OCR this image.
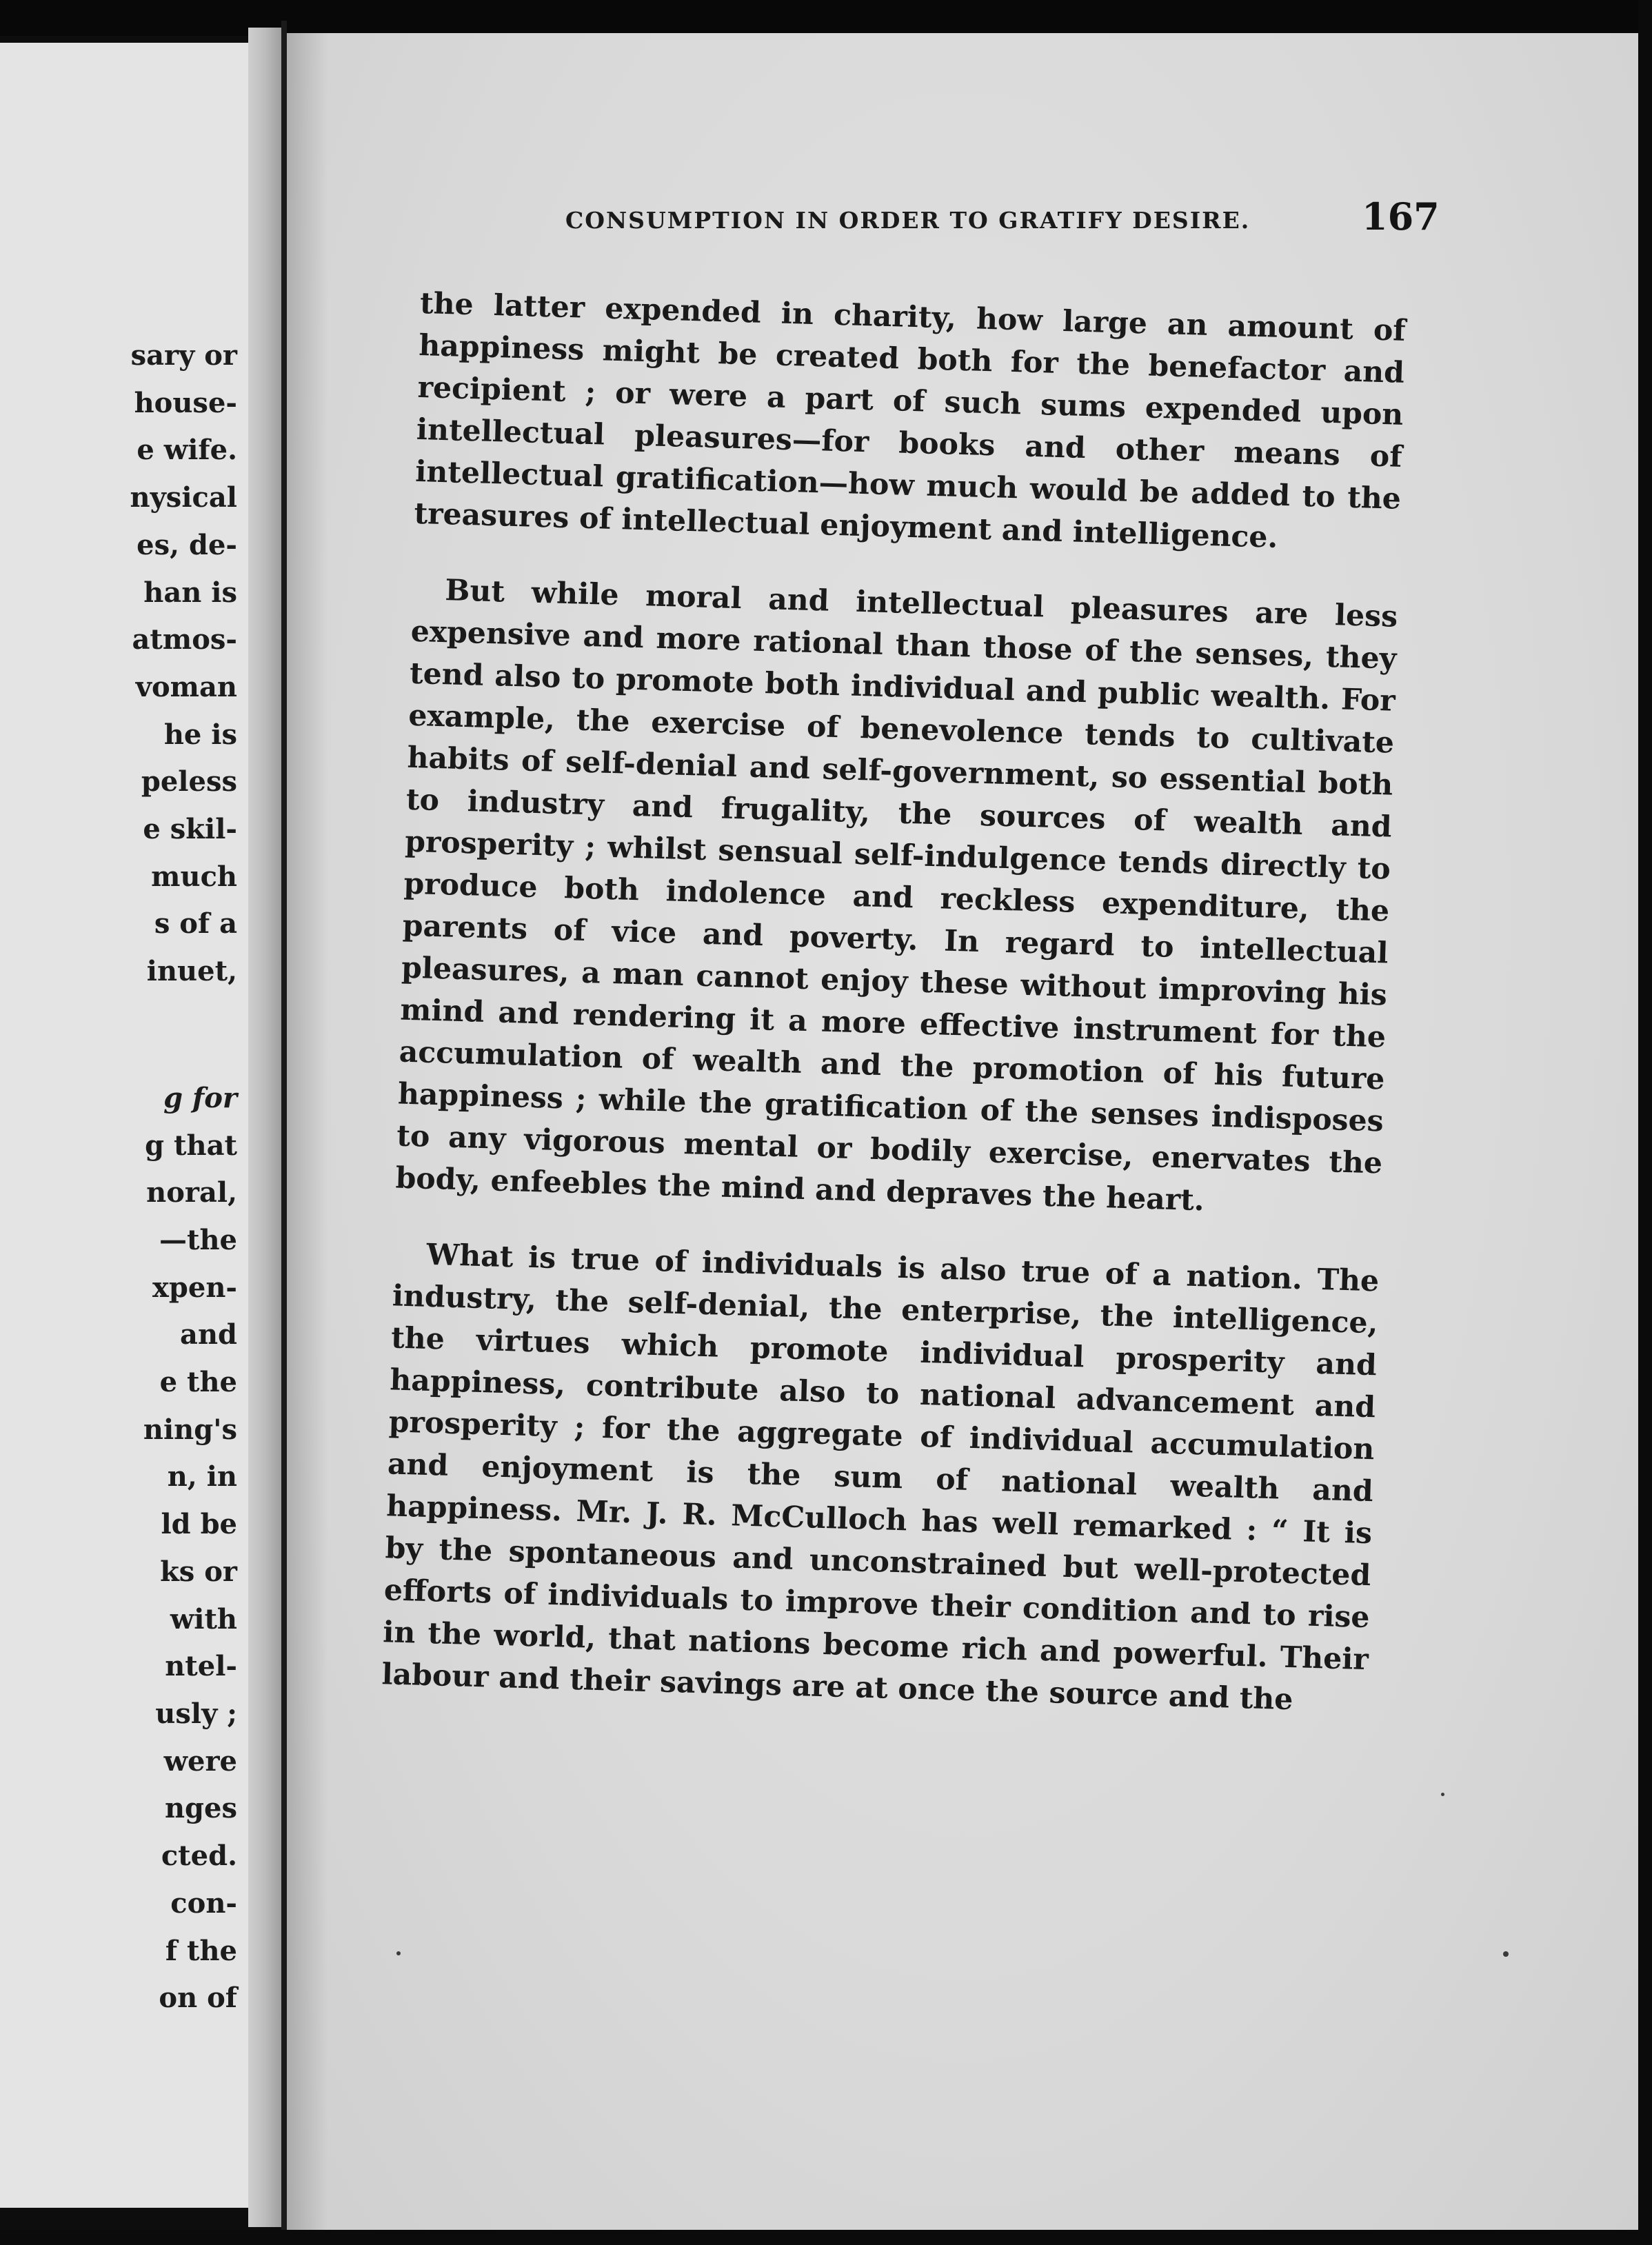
sary or
house-
e wife.
nysical
es, de-
han is
atmos-
voman
he is
peless
e skil-
much
s of a
inuet,
g for
g that
noral,
—the
xpen-
and
e the
ning's
n, in
ld be
ks or
with
ntel-
usly ;
were
nges
cted.
con-
f the
on of
CONSUMPTION IN ORDER TO GRATIFY DESIRE.	167

the latter expended in charity, how large an amount of happiness might be created both for the benefactor and recipient ; or were a part of such sums expended upon intellectual pleasures—for books and other means of intellectual gratification—how much would be added to the treasures of intellectual enjoyment and intelligence.

But while moral and intellectual pleasures are less expensive and more rational than those of the senses, they tend also to promote both individual and public wealth. For example, the exercise of benevolence tends to cultivate habits of self-denial and self-government, so essential both to industry and frugality, the sources of wealth and prosperity ; whilst sensual self-indulgence tends directly to produce both indolence and reckless expenditure, the parents of vice and poverty. In regard to intellectual pleasures, a man cannot enjoy these without improving his mind and rendering it a more effective instrument for the accumulation of wealth and the promotion of his future happiness ; while the gratification of the senses indisposes to any vigorous mental or bodily exercise, enervates the body, enfeebles the mind and depraves the heart.

What is true of individuals is also true of a nation. The industry, the self-denial, the enterprise, the intelligence, the virtues which promote individual prosperity and happiness, contribute also to national advancement and prosperity ; for the aggregate of individual accumulation and enjoyment is the sum of national wealth and happiness. Mr. J. R. McCulloch has well remarked : “ It is by the spontaneous and unconstrained but well-protected efforts of individuals to improve their condition and to rise in the world, that nations become rich and powerful. Their labour and their savings are at once the source and the
